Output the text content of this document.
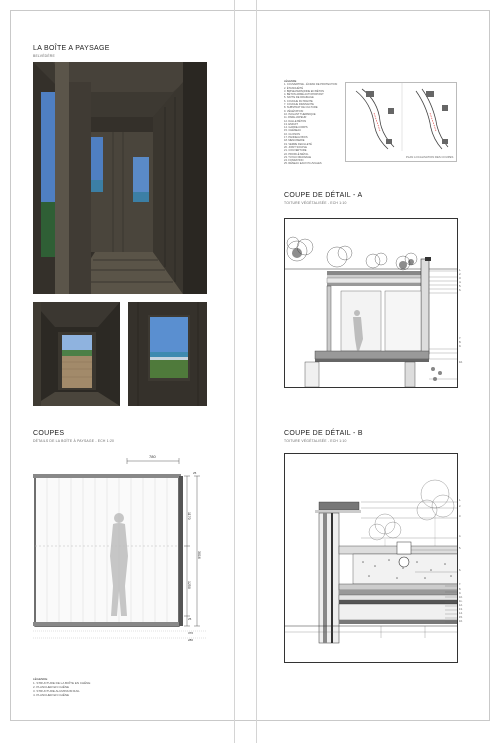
LA BOÎTE A PAYSAGE
BELVÉDÈRE
COUPES
DÉTAILS DE LA BOÎTE À PAYSAGE - ECH 1:20
780
1170
1250
3016
25
25
376
280
LÉGENDE
1. STRUCTURE DE LA BOÎTE EN CHÊNE
2. PLANCHER EN CHÊNE
3. STRUCTURE ALUMINIUM RAIL
4. PLANCHER EN CHÊNE
LÉGENDE
1. COUVERTINE - ÉCRAN DE PROTECTION
2. ÉTANCHÉITÉ
3. BRISE-PERSONNE EN BÉTON
4. BÉTON ARMÉ AUTOPORTANT
5. NATTE DE DRAINAGE
6. COUCHE FILTRANTE
7. COUCHE DRAINANTE
8. SUBSTRAT DE CULTURE
9. VÉGÉTATION
10. ISOLANT THERMIQUE
11. PARE-VAPEUR
12. DALLE BÉTON
13. ENDUIT
14. GARDE-CORPS
15. CHÉNEAU
16. CLOISON
17. PANNEAU BOIS
18. MENUISERIE
19. VERRE FEUILLETÉ
20. JOINT SOUPLE
21. COUVERTURE
22. PROFILÉ MÉTAL
23. TUYAU DRAINAGE
24. FONDATION
25. RÉSEAU EAUX PLUVIALES
PLAN LOCALISATION DES COUPES
COUPE DE DÉTAIL - A
TOITURE VÉGÉTALISÉE - ECH 1:10
1.
2.
3.
4.
5.
6.
7.
8.
9.
10.
COUPE DE DÉTAIL - B
TOITURE VÉGÉTALISÉE - ECH 1:10
1.
2.
3.
4.
5.
6.
7.
8.
9.
10.
11.
12.
13.
14.
15.
16.
